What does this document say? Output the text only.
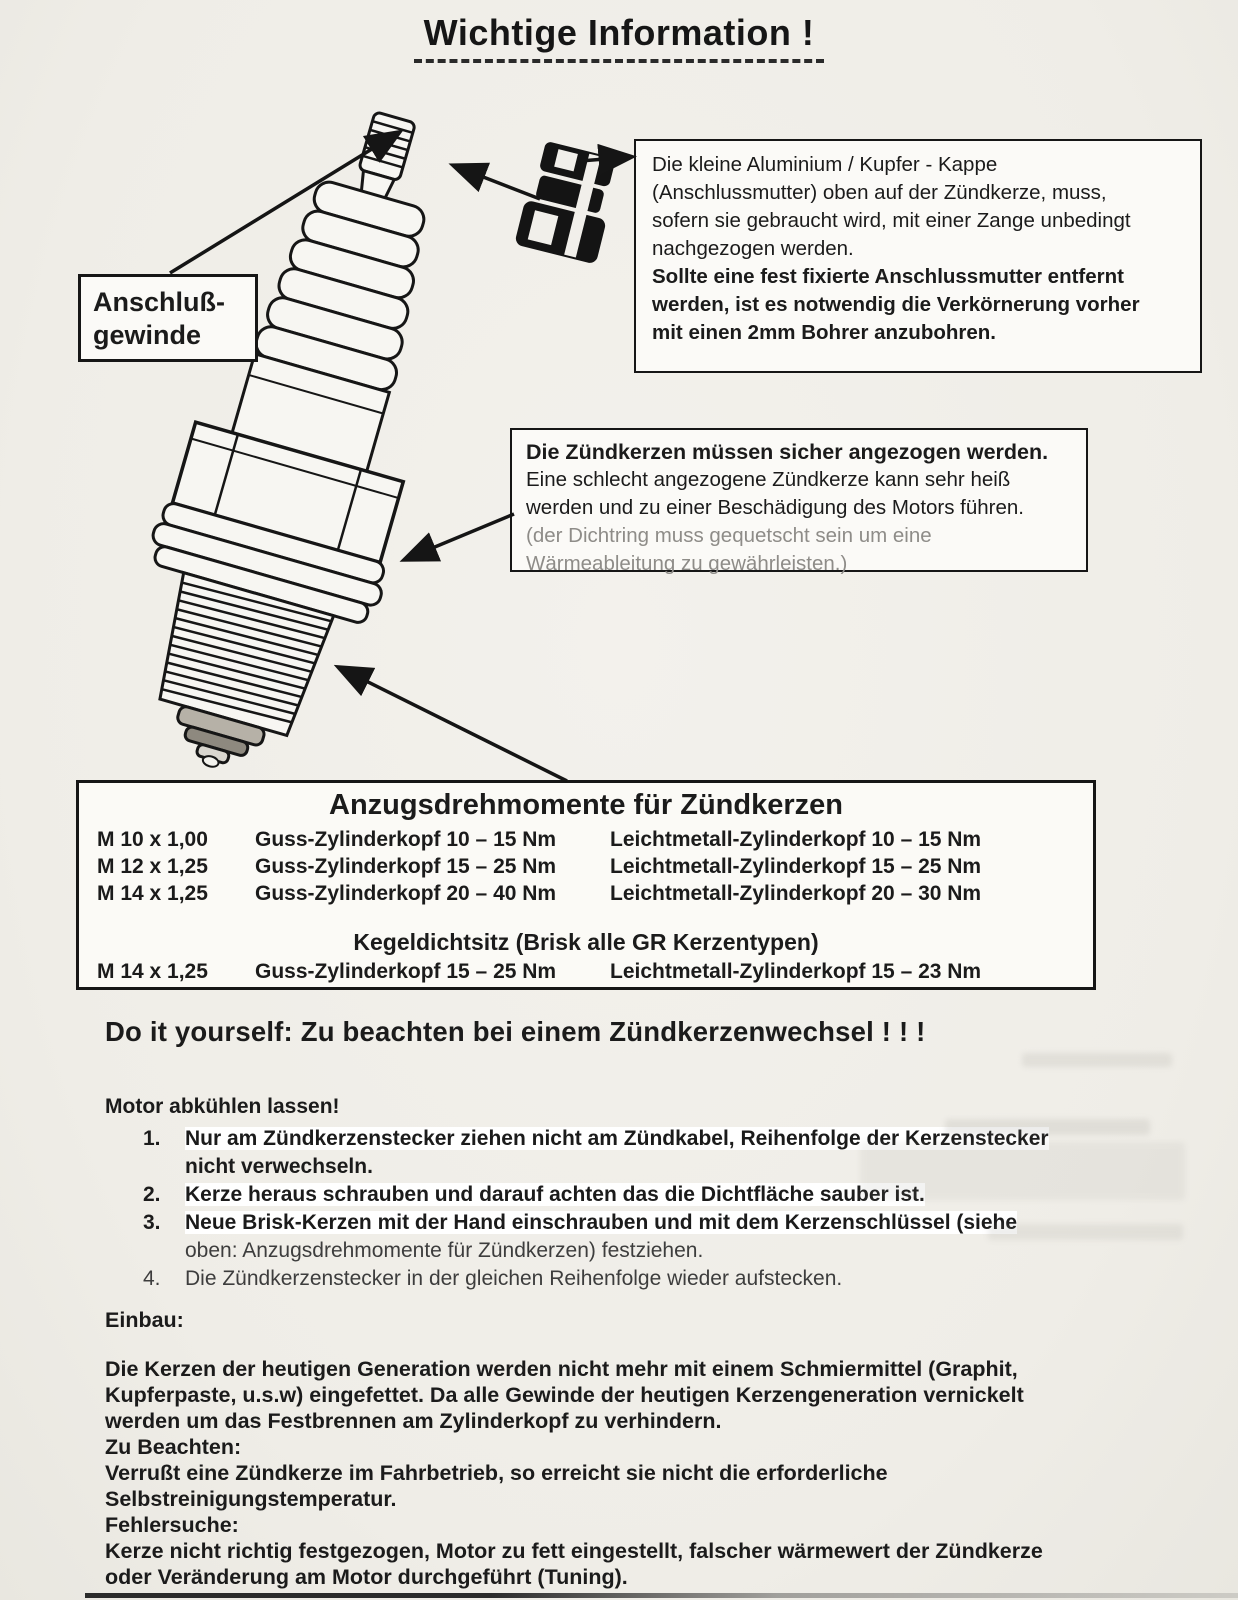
Wichtige Information !
Anschluß-
gewinde
Die kleine Aluminium / Kupfer - Kappe
(Anschlussmutter) oben auf der Zündkerze, muss,
sofern sie gebraucht wird, mit einer Zange unbedingt
nachgezogen werden.
Sollte eine fest fixierte Anschlussmutter entfernt
werden, ist es notwendig die Verkörnerung vorher
mit einen 2mm Bohrer anzubohren.
Die Zündkerzen müssen sicher angezogen werden.
Eine schlecht angezogene Zündkerze kann sehr heiß
werden und zu einer Beschädigung des Motors führen.
(der Dichtring muss gequetscht sein um eine
Wärmeableitung zu gewährleisten.)
Anzugsdrehmomente für Zündkerzen
M 10 x 1,00	Guss-Zylinderkopf 10 – 15 Nm	Leichtmetall-Zylinderkopf 10 – 15 Nm
M 12 x 1,25	Guss-Zylinderkopf 15 – 25 Nm	Leichtmetall-Zylinderkopf 15 – 25 Nm
M 14 x 1,25	Guss-Zylinderkopf 20 – 40 Nm	Leichtmetall-Zylinderkopf 20 – 30 Nm
Kegeldichtsitz (Brisk alle GR Kerzentypen)
M 14 x 1,25	Guss-Zylinderkopf 15 – 25 Nm	Leichtmetall-Zylinderkopf 15 – 23 Nm
Do it yourself: Zu beachten bei einem Zündkerzenwechsel ! ! !
Motor abkühlen lassen!
1.	Nur am Zündkerzenstecker ziehen nicht am Zündkabel, Reihenfolge der Kerzenstecker
nicht verwechseln.
2.	Kerze heraus schrauben und darauf achten das die Dichtfläche sauber ist.
3.	Neue Brisk-Kerzen mit der Hand einschrauben und mit dem Kerzenschlüssel (siehe
oben: Anzugsdrehmomente für Zündkerzen) festziehen.
4.	Die Zündkerzenstecker in der gleichen Reihenfolge wieder aufstecken.
Einbau:
Die Kerzen der heutigen Generation werden nicht mehr mit einem Schmiermittel (Graphit,
Kupferpaste, u.s.w) eingefettet. Da alle Gewinde der heutigen Kerzengeneration vernickelt
werden um das Festbrennen am Zylinderkopf zu verhindern.
Zu Beachten:
Verrußt eine Zündkerze im Fahrbetrieb, so erreicht sie nicht die erforderliche
Selbstreinigungstemperatur.
Fehlersuche:
Kerze nicht richtig festgezogen, Motor zu fett eingestellt, falscher wärmewert der Zündkerze
oder Veränderung am Motor durchgeführt (Tuning).
